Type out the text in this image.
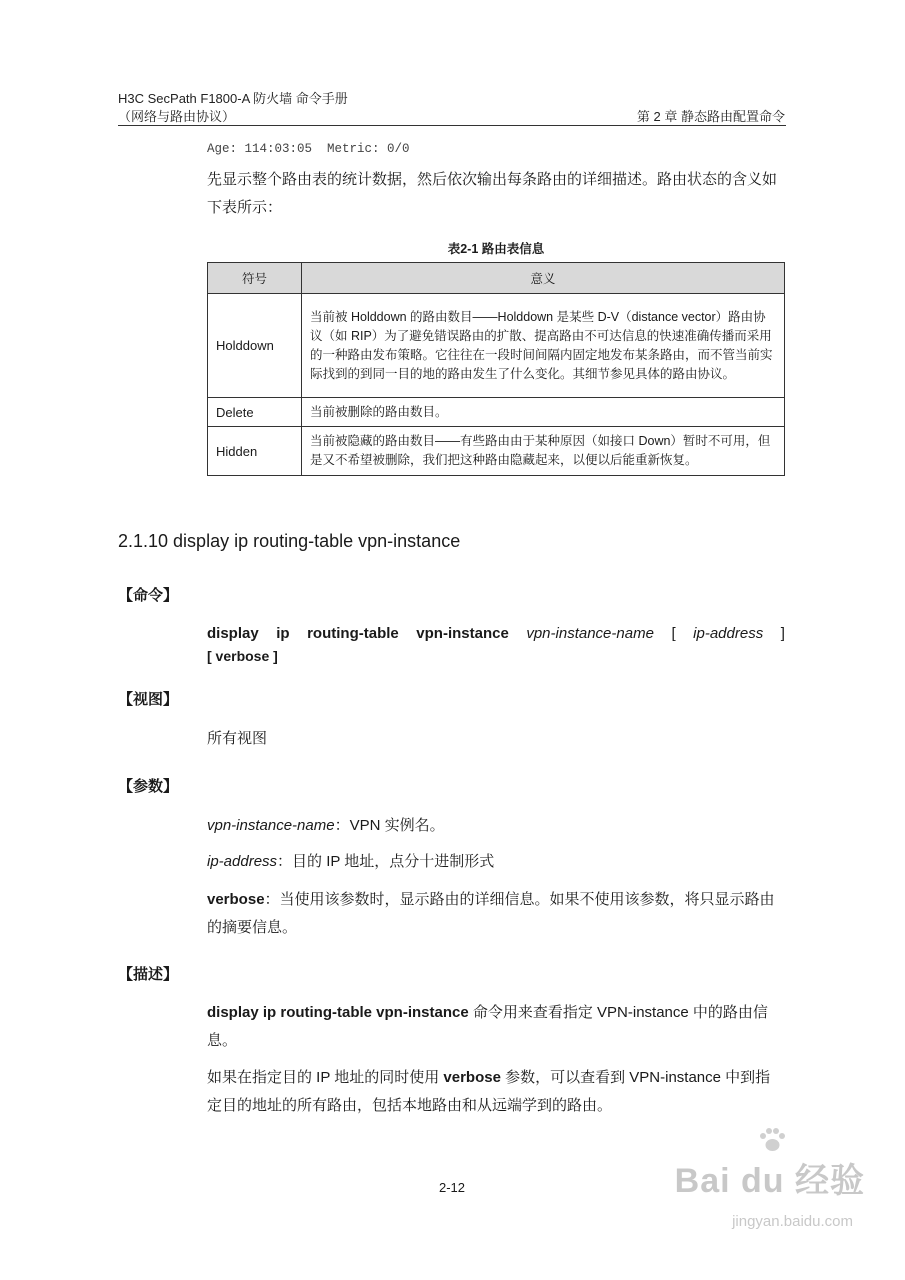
H3C SecPath F1800-A 防火墙 命令手册
（网络与路由协议）	第 2 章 静态路由配置命令
Age: 114:03:05  Metric: 0/0
先显示整个路由表的统计数据，然后依次输出每条路由的详细描述。路由状态的含义如下表所示：
表2-1 路由表信息
符号	意义
Holddown	当前被 Holddown 的路由数目——Holddown 是某些 D-V（distance vector）路由协议（如 RIP）为了避免错误路由的扩散、提高路由不可达信息的快速准确传播而采用的一种路由发布策略。它往往在一段时间间隔内固定地发布某条路由，而不管当前实际找到的到同一目的地的路由发生了什么变化。其细节参见具体的路由协议。
Delete	当前被删除的路由数目。
Hidden	当前被隐藏的路由数目——有些路由由于某种原因（如接口 Down）暂时不可用，但是又不希望被删除，我们把这种路由隐藏起来，以便以后能重新恢复。
2.1.10 display ip routing-table vpn-instance
【命令】
display ip routing-table vpn-instance vpn-instance-name [ ip-address ]
[ verbose ]
【视图】
所有视图
【参数】
vpn-instance-name：VPN 实例名。
ip-address：目的 IP 地址，点分十进制形式
verbose：当使用该参数时，显示路由的详细信息。如果不使用该参数，将只显示路由的摘要信息。
【描述】
display ip routing-table vpn-instance 命令用来查看指定 VPN-instance 中的路由信息。
如果在指定目的 IP 地址的同时使用 verbose 参数，可以查看到 VPN-instance 中到指定目的地址的所有路由，包括本地路由和从远端学到的路由。
2-12	Bai du 经验
jingyan.baidu.com
